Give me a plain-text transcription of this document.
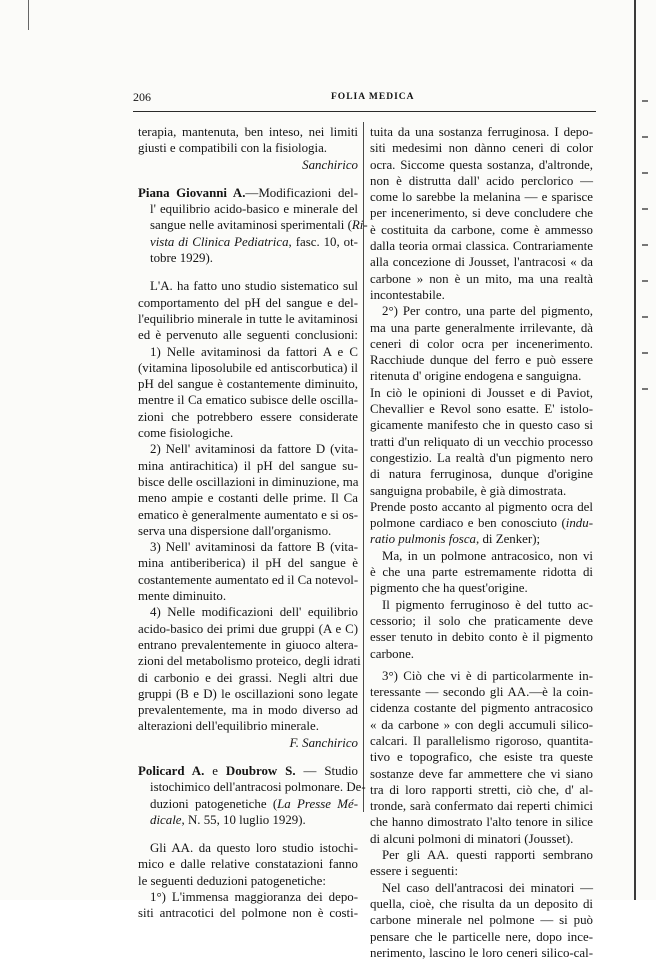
206	FOLIA MEDICA
terapia, mantenuta, ben inteso, nei limiti
giusti e compatibili con la fisiologia.
Sanchirico
Piana Giovanni A.—Modificazioni del-
l' equilibrio acido-basico e minerale del
sangue nelle avitaminosi sperimentali (Ri-
vista di Clinica Pediatrica, fasc. 10, ot-
tobre 1929).
L'A. ha fatto uno studio sistematico sul
comportamento del pH del sangue e del-
l'equilibrio minerale in tutte le avitaminosi
ed è pervenuto alle seguenti conclusioni:
1) Nelle avitaminosi da fattori A e C
(vitamina liposolubile ed antiscorbutica) il
pH del sangue è costantemente diminuito,
mentre il Ca ematico subisce delle oscilla-
zioni che potrebbero essere considerate
come fisiologiche.
2) Nell' avitaminosi da fattore D (vita-
mina antirachitica) il pH del sangue su-
bisce delle oscillazioni in diminuzione, ma
meno ampie e costanti delle prime. Il Ca
ematico è generalmente aumentato e si os-
serva una dispersione dall'organismo.
3) Nell' avitaminosi da fattore B (vita-
mina antiberiberica) il pH del sangue è
costantemente aumentato ed il Ca notevol-
mente diminuito.
4) Nelle modificazioni dell' equilibrio
acido-basico dei primi due gruppi (A e C)
entrano prevalentemente in giuoco altera-
zioni del metabolismo proteico, degli idrati
di carbonio e dei grassi. Negli altri due
gruppi (B e D) le oscillazioni sono legate
prevalentemente, ma in modo diverso ad
alterazioni dell'equilibrio minerale.
F. Sanchirico
Policard A. e Doubrow S. — Studio
istochimico dell'antracosi polmonare. De-
duzioni patogenetiche (La Presse Mé-
dicale, N. 55, 10 luglio 1929).
Gli AA. da questo loro studio istochi-
mico e dalle relative constatazioni fanno
le seguenti deduzioni patogenetiche:
1°) L'immensa maggioranza dei depo-
siti antracotici del polmone non è costi-
tuita da una sostanza ferruginosa. I depo-
siti medesimi non dànno ceneri di color
ocra. Siccome questa sostanza, d'altronde,
non è distrutta dall' acido perclorico —
come lo sarebbe la melanina — e sparisce
per incenerimento, si deve concludere che
è costituita da carbone, come è ammesso
dalla teoria ormai classica. Contrariamente
alla concezione di Jousset, l'antracosi « da
carbone » non è un mito, ma una realtà
incontestabile.
2°) Per contro, una parte del pigmento,
ma una parte generalmente irrilevante, dà
ceneri di color ocra per incenerimento.
Racchiude dunque del ferro e può essere
ritenuta d' origine endogena e sanguigna.
In ciò le opinioni di Jousset e di Paviot,
Chevallier e Revol sono esatte. E' istolo-
gicamente manifesto che in questo caso si
tratti d'un reliquato di un vecchio processo
congestizio. La realtà d'un pigmento nero
di natura ferruginosa, dunque d'origine
sanguigna probabile, è già dimostrata.
Prende posto accanto al pigmento ocra del
polmone cardiaco e ben conosciuto (indu-
ratio pulmonis fosca, di Zenker);
Ma, in un polmone antracosico, non vi
è che una parte estremamente ridotta di
pigmento che ha quest'origine.
Il pigmento ferruginoso è del tutto ac-
cessorio; il solo che praticamente deve
esser tenuto in debito conto è il pigmento
carbone.
3°) Ciò che vi è di particolarmente in-
teressante — secondo gli AA.—è la coin-
cidenza costante del pigmento antracosico
« da carbone » con degli accumuli silico-
calcari. Il parallelismo rigoroso, quantita-
tivo e topografico, che esiste tra queste
sostanze deve far ammettere che vi siano
tra di loro rapporti stretti, ciò che, d' al-
tronde, sarà confermato dai reperti chimici
che hanno dimostrato l'alto tenore in silice
di alcuni polmoni di minatori (Jousset).
Per gli AA. questi rapporti sembrano
essere i seguenti:
Nel caso dell'antracosi dei minatori —
quella, cioè, che risulta da un deposito di
carbone minerale nel polmone — si può
pensare che le particelle nere, dopo ince-
nerimento, lascino le loro ceneri silico-cal-
